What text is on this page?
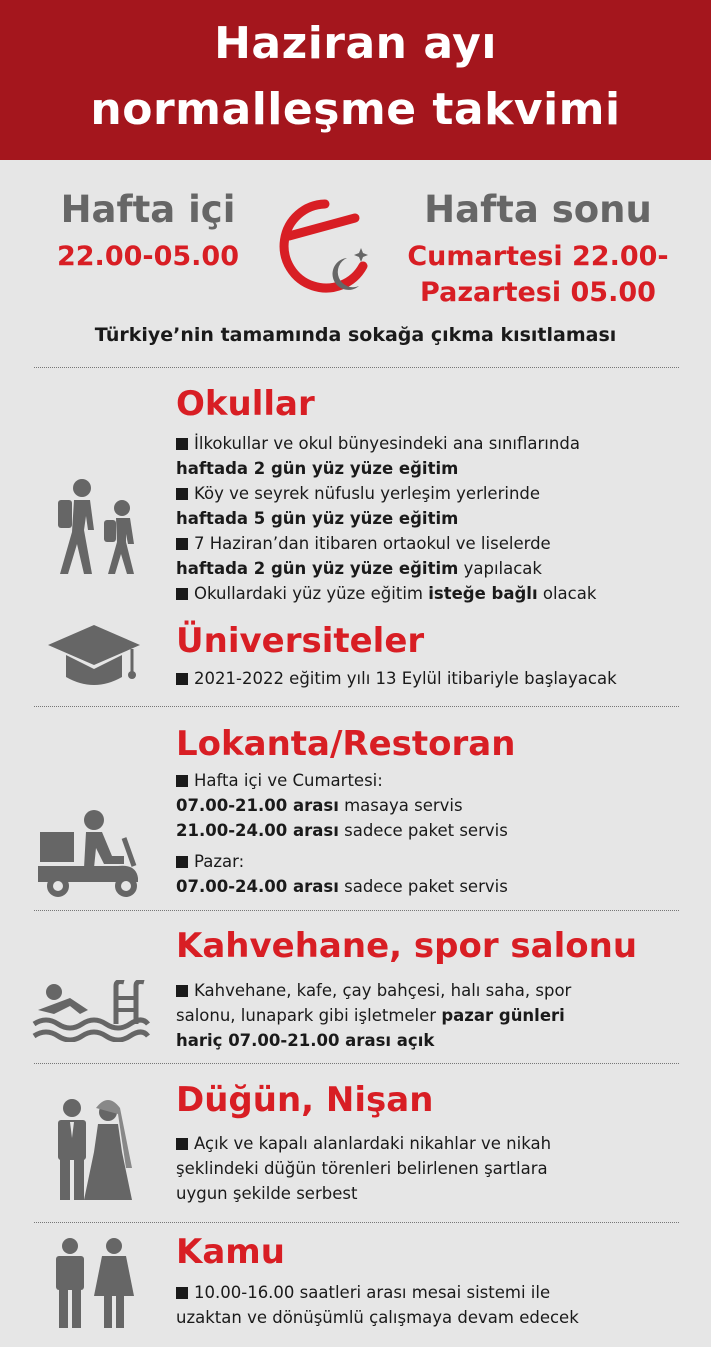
Haziran ayı
normalleşme takvimi
Hafta içi
22.00-05.00
Hafta sonu
Cumartesi 22.00-
Pazartesi 05.00
Türkiye’nin tamamında sokağa çıkma kısıtlaması
Okullar
İlkokullar ve okul bünyesindeki ana sınıflarında
haftada 2 gün yüz yüze eğitim
Köy ve seyrek nüfuslu yerleşim yerlerinde
haftada 5 gün yüz yüze eğitim
7 Haziran’dan itibaren ortaokul ve liselerde
haftada 2 gün yüz yüze eğitim yapılacak
Okullardaki yüz yüze eğitim isteğe bağlı olacak
Üniversiteler
2021-2022 eğitim yılı 13 Eylül itibariyle başlayacak
Lokanta/Restoran
Hafta içi ve Cumartesi:
07.00-21.00 arası masaya servis
21.00-24.00 arası sadece paket servis
Pazar:
07.00-24.00 arası sadece paket servis
Kahvehane, spor salonu
Kahvehane, kafe, çay bahçesi, halı saha, spor
salonu, lunapark gibi işletmeler pazar günleri
hariç 07.00-21.00 arası açık
Düğün, Nişan
Açık ve kapalı alanlardaki nikahlar ve nikah
şeklindeki düğün törenleri belirlenen şartlara
uygun şekilde serbest
Kamu
10.00-16.00 saatleri arası mesai sistemi ile
uzaktan ve dönüşümlü çalışmaya devam edecek
